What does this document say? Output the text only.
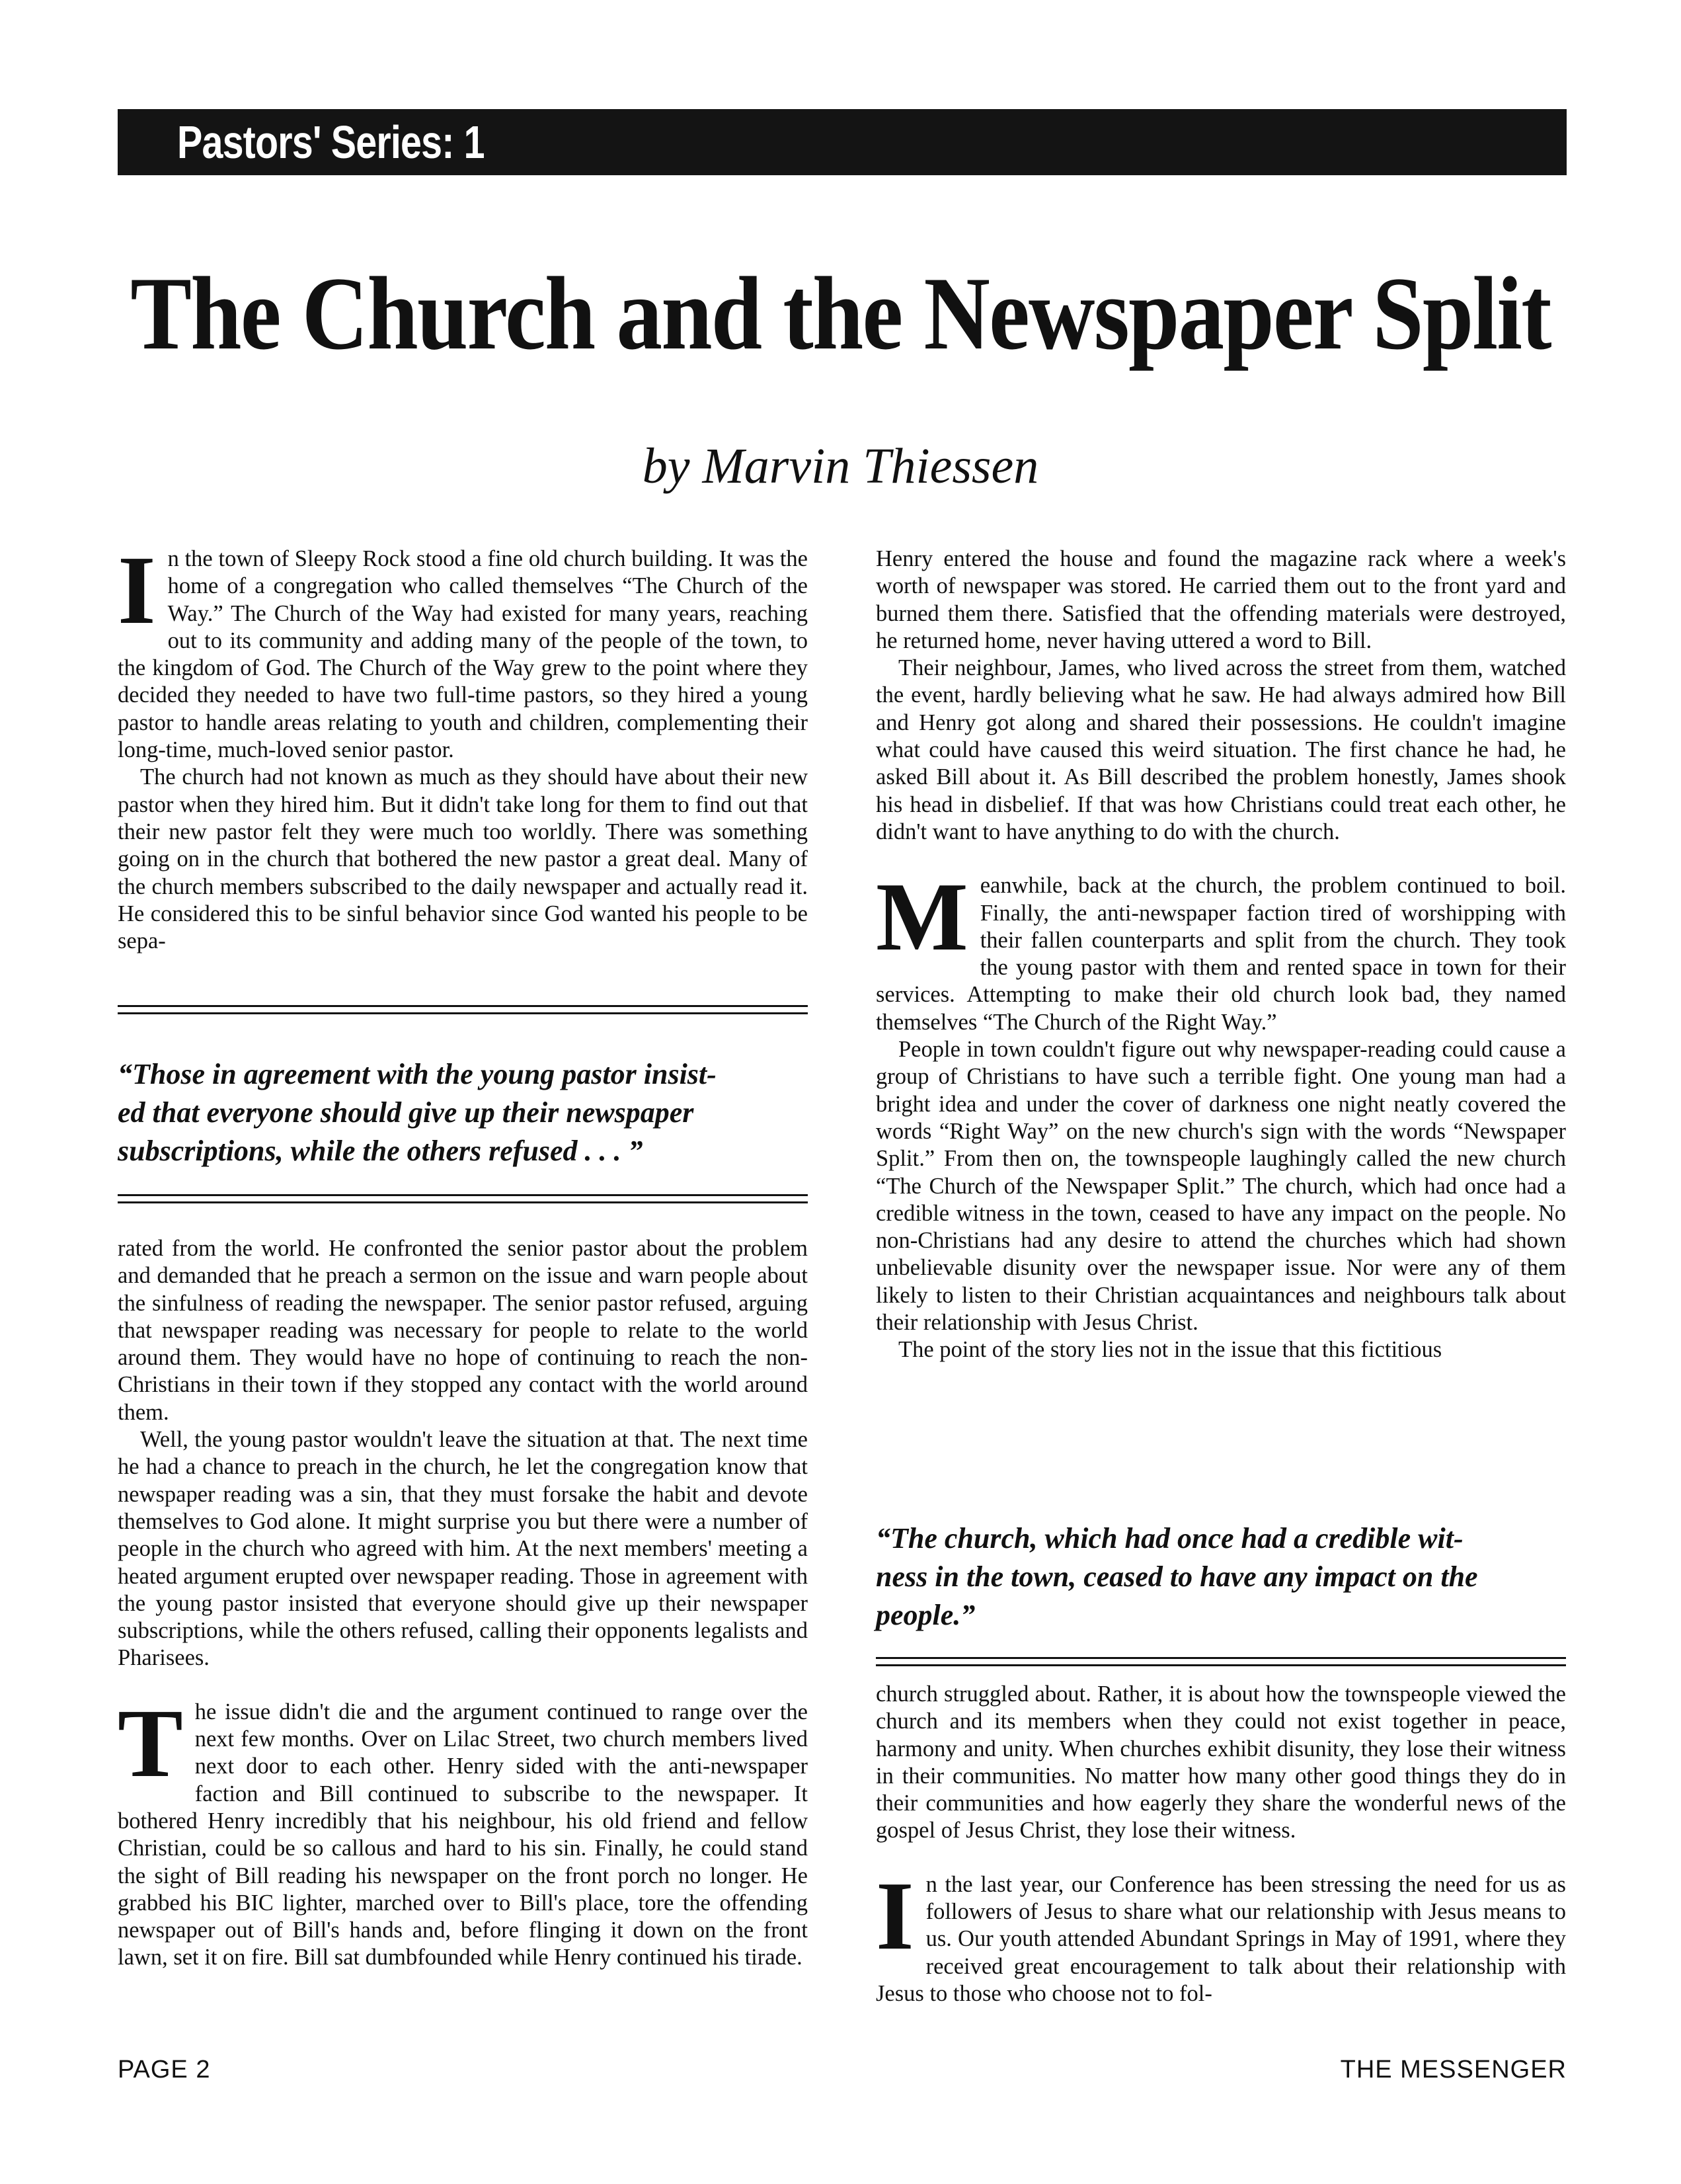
Pastors' Series: 1
The Church and the Newspaper Split
by Marvin Thiessen

In the town of Sleepy Rock stood a fine old church building. It was the home of a congregation who called themselves “The Church of the Way.” The Church of the Way had existed for many years, reaching out to its community and adding many of the people of the town, to the kingdom of God. The Church of the Way grew to the point where they decided they needed to have two full-time pastors, so they hired a young pastor to handle areas relating to youth and children, complementing their long-time, much-loved senior pastor.

The church had not known as much as they should have about their new pastor when they hired him. But it didn't take long for them to find out that their new pastor felt they were much too worldly. There was something going on in the church that bothered the new pastor a great deal. Many of the church members subscribed to the daily newspaper and actually read it. He considered this to be sinful behavior since God wanted his people to be sepa-

“Those in agreement with the young pastor insist-
ed that everyone should give up their newspaper
subscriptions, while the others refused . . . ”

rated from the world. He confronted the senior pastor about the problem and demanded that he preach a sermon on the issue and warn people about the sinfulness of reading the newspaper. The senior pastor refused, arguing that newspaper reading was necessary for people to relate to the world around them. They would have no hope of continuing to reach the non-Christians in their town if they stopped any contact with the world around them.

Well, the young pastor wouldn't leave the situation at that. The next time he had a chance to preach in the church, he let the congregation know that newspaper reading was a sin, that they must forsake the habit and devote themselves to God alone. It might surprise you but there were a number of people in the church who agreed with him. At the next members' meeting a heated argument erupted over newspaper reading. Those in agreement with the young pastor insisted that everyone should give up their newspaper subscriptions, while the others refused, calling their opponents legalists and Pharisees.

The issue didn't die and the argument continued to range over the next few months. Over on Lilac Street, two church members lived next door to each other. Henry sided with the anti-newspaper faction and Bill continued to subscribe to the newspaper. It bothered Henry incredibly that his neighbour, his old friend and fellow Christian, could be so callous and hard to his sin. Finally, he could stand the sight of Bill reading his newspaper on the front porch no longer. He grabbed his BIC lighter, marched over to Bill's place, tore the offending newspaper out of Bill's hands and, before flinging it down on the front lawn, set it on fire. Bill sat dumbfounded while Henry continued his tirade.

Henry entered the house and found the magazine rack where a week's worth of newspaper was stored. He carried them out to the front yard and burned them there. Satisfied that the offending materials were destroyed, he returned home, never having uttered a word to Bill.

Their neighbour, James, who lived across the street from them, watched the event, hardly believing what he saw. He had always admired how Bill and Henry got along and shared their possessions. He couldn't imagine what could have caused this weird situation. The first chance he had, he asked Bill about it. As Bill described the problem honestly, James shook his head in disbelief. If that was how Christians could treat each other, he didn't want to have anything to do with the church.

Meanwhile, back at the church, the problem continued to boil. Finally, the anti-newspaper faction tired of worshipping with their fallen counterparts and split from the church. They took the young pastor with them and rented space in town for their services. Attempting to make their old church look bad, they named themselves “The Church of the Right Way.”

People in town couldn't figure out why newspaper-reading could cause a group of Christians to have such a terrible fight. One young man had a bright idea and under the cover of darkness one night neatly covered the words “Right Way” on the new church's sign with the words “Newspaper Split.” From then on, the townspeople laughingly called the new church “The Church of the Newspaper Split.” The church, which had once had a credible witness in the town, ceased to have any impact on the people. No non-Christians had any desire to attend the churches which had shown unbelievable disunity over the newspaper issue. Nor were any of them likely to listen to their Christian acquaintances and neighbours talk about their relationship with Jesus Christ.

The point of the story lies not in the issue that this fictitious

“The church, which had once had a credible wit-
ness in the town, ceased to have any impact on the
people.”

church struggled about. Rather, it is about how the townspeople viewed the church and its members when they could not exist together in peace, harmony and unity. When churches exhibit disunity, they lose their witness in their communities. No matter how many other good things they do in their communities and how eagerly they share the wonderful news of the gospel of Jesus Christ, they lose their witness.

In the last year, our Conference has been stressing the need for us as followers of Jesus to share what our relationship with Jesus means to us. Our youth attended Abundant Springs in May of 1991, where they received great encouragement to talk about their relationship with Jesus to those who choose not to fol-

PAGE 2	THE MESSENGER
